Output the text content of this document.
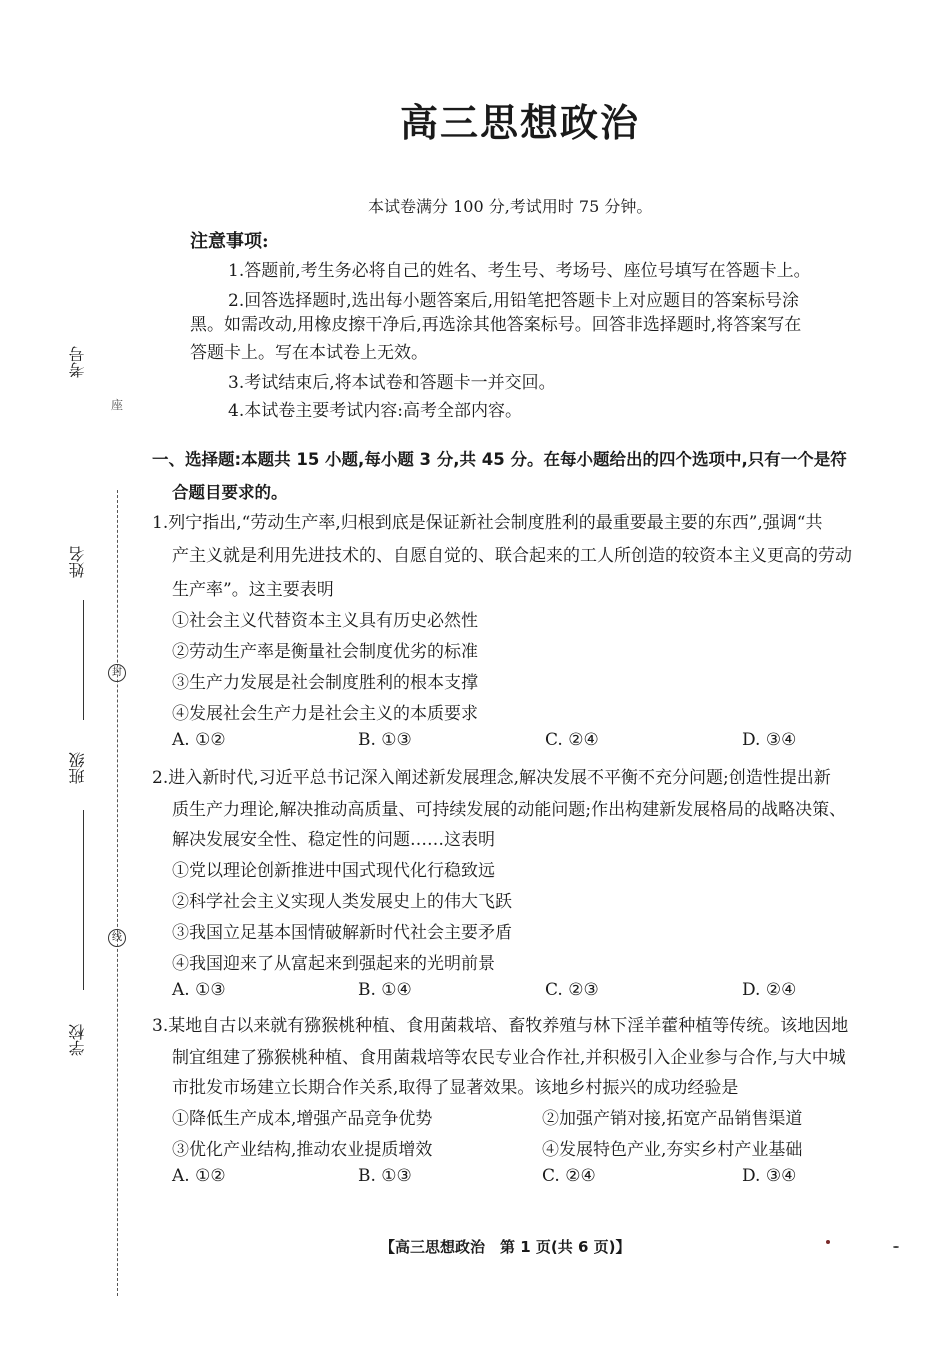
考号
座
姓名
封
班级
线
学校
高三思想政治
本试卷满分 100 分,考试用时 75 分钟。
注意事项:
1.答题前,考生务必将自己的姓名、考生号、考场号、座位号填写在答题卡上。
2.回答选择题时,选出每小题答案后,用铅笔把答题卡上对应题目的答案标号涂
黑。如需改动,用橡皮擦干净后,再选涂其他答案标号。回答非选择题时,将答案写在
答题卡上。写在本试卷上无效。
3.考试结束后,将本试卷和答题卡一并交回。
4.本试卷主要考试内容:高考全部内容。
一、选择题:本题共 15 小题,每小题 3 分,共 45 分。在每小题给出的四个选项中,只有一个是符
合题目要求的。
1.列宁指出,“劳动生产率,归根到底是保证新社会制度胜利的最重要最主要的东西”,强调“共
产主义就是利用先进技术的、自愿自觉的、联合起来的工人所创造的较资本主义更高的劳动
生产率”。这主要表明
①社会主义代替资本主义具有历史必然性
②劳动生产率是衡量社会制度优劣的标准
③生产力发展是社会制度胜利的根本支撑
④发展社会生产力是社会主义的本质要求
A. ①②	B. ①③	C. ②④	D. ③④
2.进入新时代,习近平总书记深入阐述新发展理念,解决发展不平衡不充分问题;创造性提出新
质生产力理论,解决推动高质量、可持续发展的动能问题;作出构建新发展格局的战略决策、
解决发展安全性、稳定性的问题……这表明
①党以理论创新推进中国式现代化行稳致远
②科学社会主义实现人类发展史上的伟大飞跃
③我国立足基本国情破解新时代社会主要矛盾
④我国迎来了从富起来到强起来的光明前景
A. ①③	B. ①④	C. ②③	D. ②④
3.某地自古以来就有猕猴桃种植、食用菌栽培、畜牧养殖与林下淫羊藿种植等传统。该地因地
制宜组建了猕猴桃种植、食用菌栽培等农民专业合作社,并积极引入企业参与合作,与大中城
市批发市场建立长期合作关系,取得了显著效果。该地乡村振兴的成功经验是
①降低生产成本,增强产品竞争优势	②加强产销对接,拓宽产品销售渠道
③优化产业结构,推动农业提质增效	④发展特色产业,夯实乡村产业基础
A. ①②	B. ①③	C. ②④	D. ③④
【高三思想政治　第 1 页(共 6 页)】
